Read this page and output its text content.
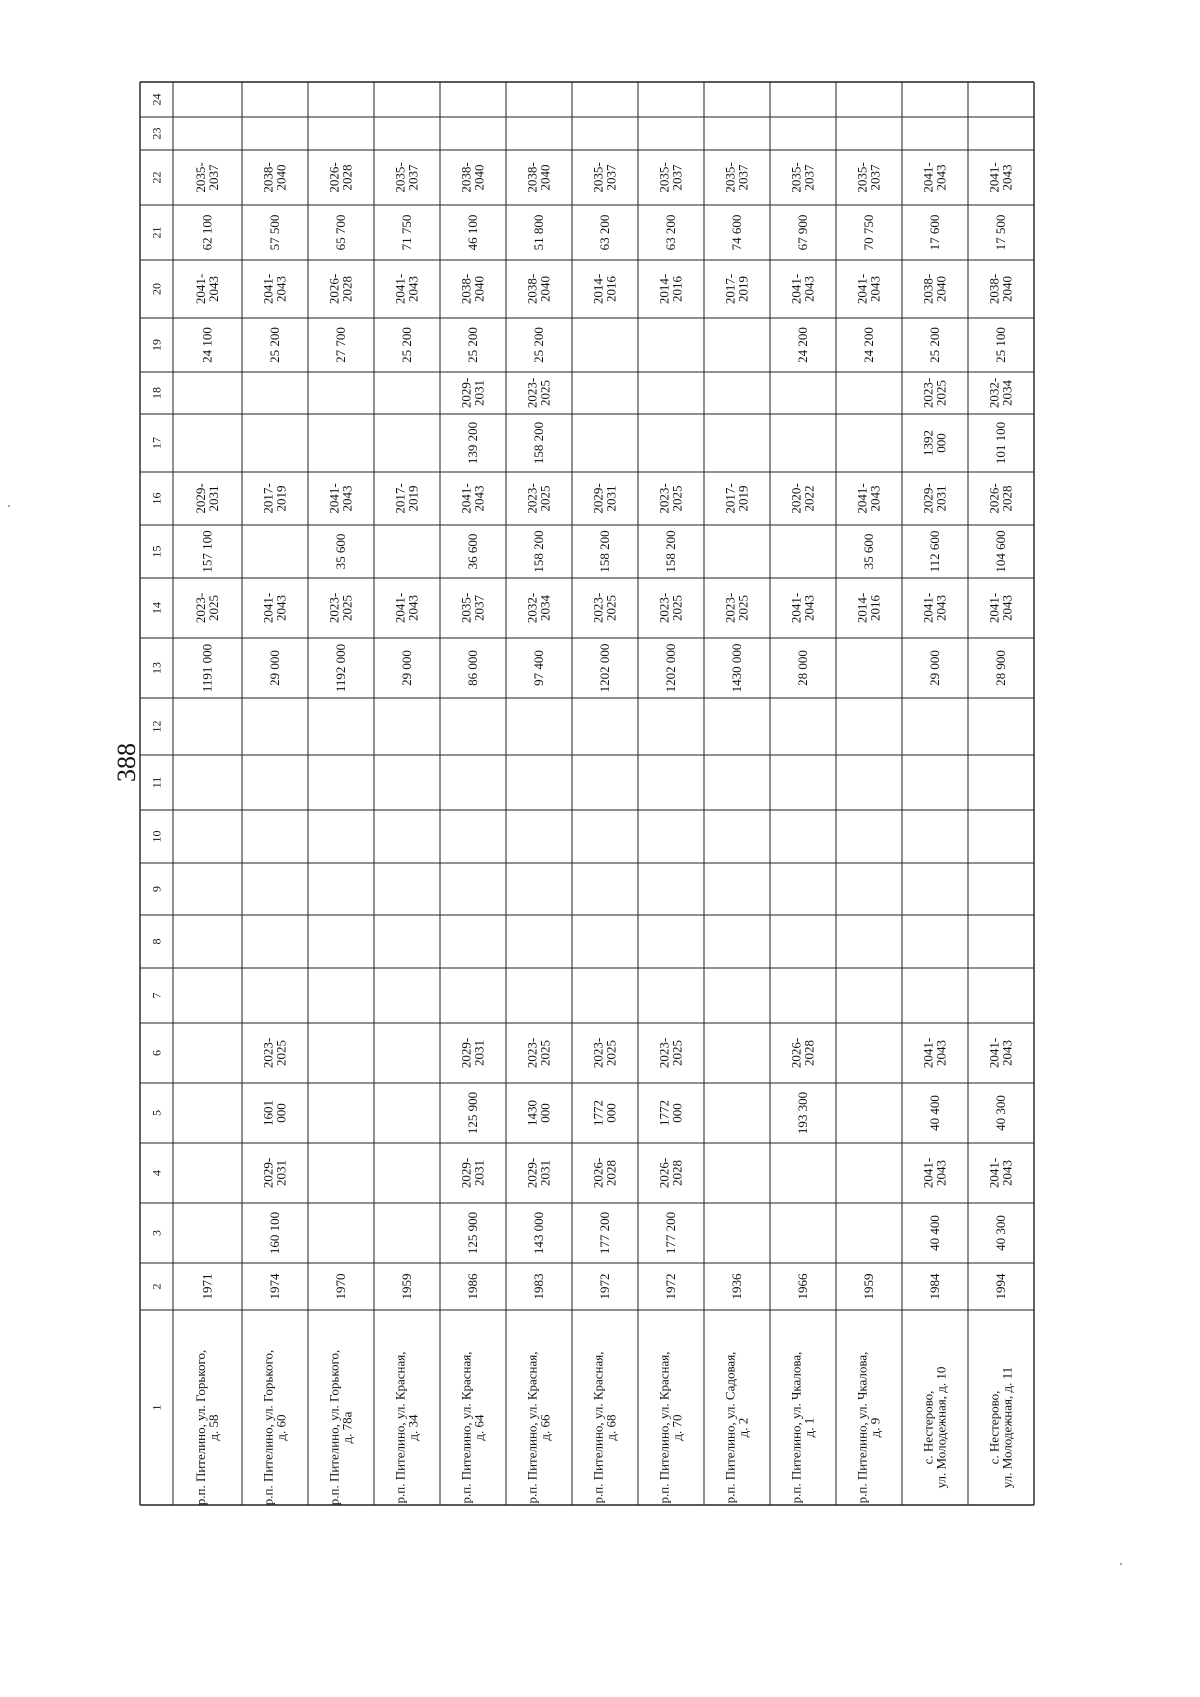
388
1
2
3
4
5
6
7
8
9
10
11
12
13
14
15
16
17
18
19
20
21
22
23
24
р.п. Пителино, ул. Горького,
д. 58
1971
1191 000
2023-
2025
157 100
2029-
2031
24 100
2041-
2043
62 100
2035-
2037
р.п. Пителино, ул. Горького,
д. 60
1974
160 100
2029-
2031
1601
000
2023-
2025
29 000
2041-
2043
2017-
2019
25 200
2041-
2043
57 500
2038-
2040
р.п. Пителино, ул. Горького,
д. 78а
1970
1192 000
2023-
2025
35 600
2041-
2043
27 700
2026-
2028
65 700
2026-
2028
р.п. Пителино, ул. Красная,
д. 34
1959
29 000
2041-
2043
2017-
2019
25 200
2041-
2043
71 750
2035-
2037
р.п. Пителино, ул. Красная,
д. 64
1986
125 900
2029-
2031
125 900
2029-
2031
86 000
2035-
2037
36 600
2041-
2043
139 200
2029-
2031
25 200
2038-
2040
46 100
2038-
2040
р.п. Пителино, ул. Красная,
д. 66
1983
143 000
2029-
2031
1430
000
2023-
2025
97 400
2032-
2034
158 200
2023-
2025
158 200
2023-
2025
25 200
2038-
2040
51 800
2038-
2040
р.п. Пителино, ул. Красная,
д. 68
1972
177 200
2026-
2028
1772
000
2023-
2025
1202 000
2023-
2025
158 200
2029-
2031
2014-
2016
63 200
2035-
2037
р.п. Пителино, ул. Красная,
д. 70
1972
177 200
2026-
2028
1772
000
2023-
2025
1202 000
2023-
2025
158 200
2023-
2025
2014-
2016
63 200
2035-
2037
р.п. Пителино, ул. Садовая,
д. 2
1936
1430 000
2023-
2025
2017-
2019
2017-
2019
74 600
2035-
2037
р.п. Пителино, ул. Чкалова,
д. 1
1966
193 300
2026-
2028
28 000
2041-
2043
2020-
2022
24 200
2041-
2043
67 900
2035-
2037
р.п. Пителино, ул. Чкалова,
д. 9
1959
2014-
2016
35 600
2041-
2043
24 200
2041-
2043
70 750
2035-
2037
с. Нестерово,
ул. Молодежная, д. 10
1984
40 400
2041-
2043
40 400
2041-
2043
29 000
2041-
2043
112 600
2029-
2031
1392
000
2023-
2025
25 200
2038-
2040
17 600
2041-
2043
с. Нестерово,
ул. Молодежная, д. 11
1994
40 300
2041-
2043
40 300
2041-
2043
28 900
2041-
2043
104 600
2026-
2028
101 100
2032-
2034
25 100
2038-
2040
17 500
2041-
2043
